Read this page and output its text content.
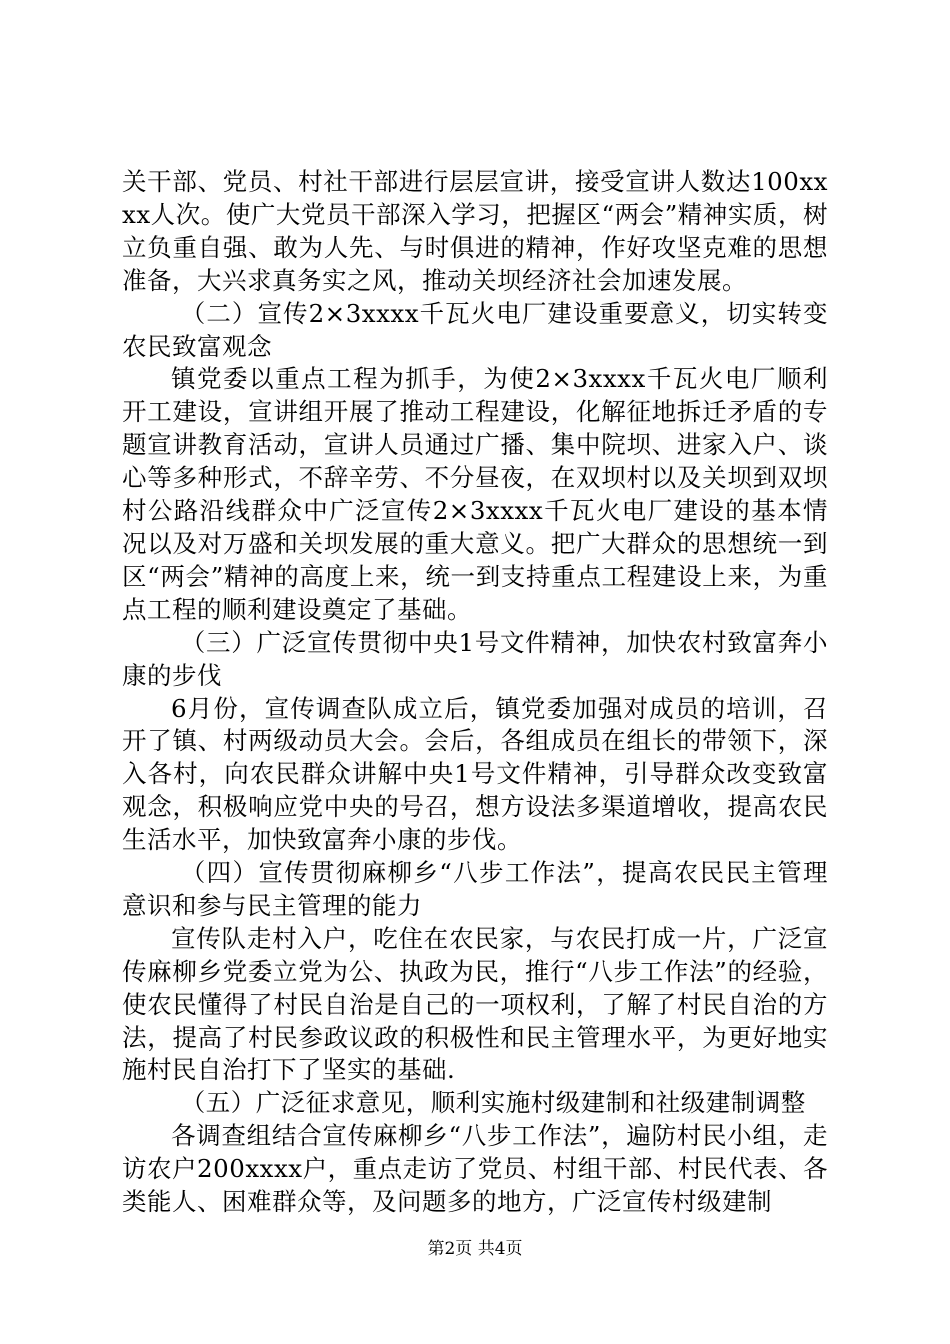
关干部、党员、村社干部进行层层宣讲，接受宣讲人数达100xxxx人次。使广大党员干部深入学习，把握区“两会”精神实质，树立负重自强、敢为人先、与时俱进的精神，作好攻坚克难的思想准备，大兴求真务实之风，推动关坝经济社会加速发展。

（二）宣传2×3xxxx千瓦火电厂建设重要意义，切实转变农民致富观念

镇党委以重点工程为抓手，为使2×3xxxx千瓦火电厂顺利开工建设，宣讲组开展了推动工程建设，化解征地拆迁矛盾的专题宣讲教育活动，宣讲人员通过广播、集中院坝、进家入户、谈心等多种形式，不辞辛劳、不分昼夜，在双坝村以及关坝到双坝村公路沿线群众中广泛宣传2×3xxxx千瓦火电厂建设的基本情况以及对万盛和关坝发展的重大意义。把广大群众的思想统一到区“两会”精神的高度上来，统一到支持重点工程建设上来，为重点工程的顺利建设奠定了基础。

（三）广泛宣传贯彻中央1号文件精神，加快农村致富奔小康的步伐

6月份，宣传调查队成立后，镇党委加强对成员的培训，召开了镇、村两级动员大会。会后，各组成员在组长的带领下，深入各村，向农民群众讲解中央1号文件精神，引导群众改变致富观念，积极响应党中央的号召，想方设法多渠道增收，提高农民生活水平，加快致富奔小康的步伐。

（四）宣传贯彻麻柳乡“八步工作法”，提高农民民主管理意识和参与民主管理的能力

宣传队走村入户，吃住在农民家，与农民打成一片，广泛宣传麻柳乡党委立党为公、执政为民，推行“八步工作法”的经验，使农民懂得了村民自治是自己的一项权利，了解了村民自治的方法，提高了村民参政议政的积极性和民主管理水平，为更好地实施村民自治打下了坚实的基础.

（五）广泛征求意见，顺利实施村级建制和社级建制调整

各调查组结合宣传麻柳乡“八步工作法”，遍防村民小组，走访农户200xxxx户，重点走访了党员、村组干部、村民代表、各类能人、困难群众等，及问题多的地方，广泛宣传村级建制

第2页 共4页
